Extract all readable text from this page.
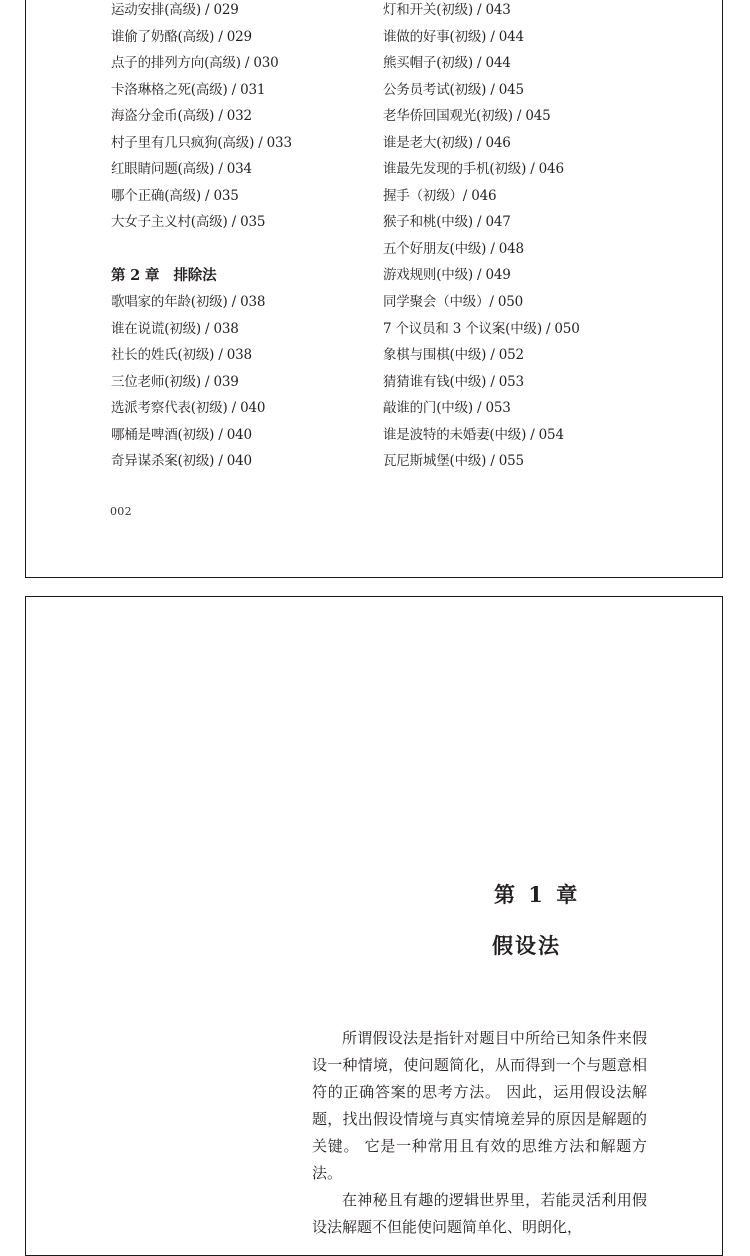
运动安排(高级) / 029
谁偷了奶酪(高级) / 029
点子的排列方向(高级) / 030
卡洛琳格之死(高级) / 031
海盗分金币(高级) / 032
村子里有几只疯狗(高级) / 033
红眼睛问题(高级) / 034
哪个正确(高级) / 035
大女子主义村(高级) / 035
第 2 章　排除法
歌唱家的年龄(初级) / 038
谁在说谎(初级) / 038
社长的姓氏(初级) / 038
三位老师(初级) / 039
选派考察代表(初级) / 040
哪桶是啤酒(初级) / 040
奇异谋杀案(初级) / 040
灯和开关(初级) / 043
谁做的好事(初级) / 044
熊买帽子(初级) / 044
公务员考试(初级) / 045
老华侨回国观光(初级) / 045
谁是老大(初级) / 046
谁最先发现的手机(初级) / 046
握手（初级）/ 046
猴子和桃(中级) / 047
五个好朋友(中级) / 048
游戏规则(中级) / 049
同学聚会（中级）/ 050
7 个议员和 3 个议案(中级) / 050
象棋与围棋(中级) / 052
猜猜谁有钱(中级) / 053
敲谁的门(中级) / 053
谁是波特的未婚妻(中级) / 054
瓦尼斯城堡(中级) / 055
002
第 1 章
假设法

所谓假设法是指针对题目中所给已知条件来假设一种情境，使问题简化，从而得到一个与题意相符的正确答案的思考方法。 因此，运用假设法解题，找出假设情境与真实情境差异的原因是解题的关键。 它是一种常用且有效的思维方法和解题方法。

在神秘且有趣的逻辑世界里，若能灵活利用假设法解题不但能使问题简单化、明朗化，
